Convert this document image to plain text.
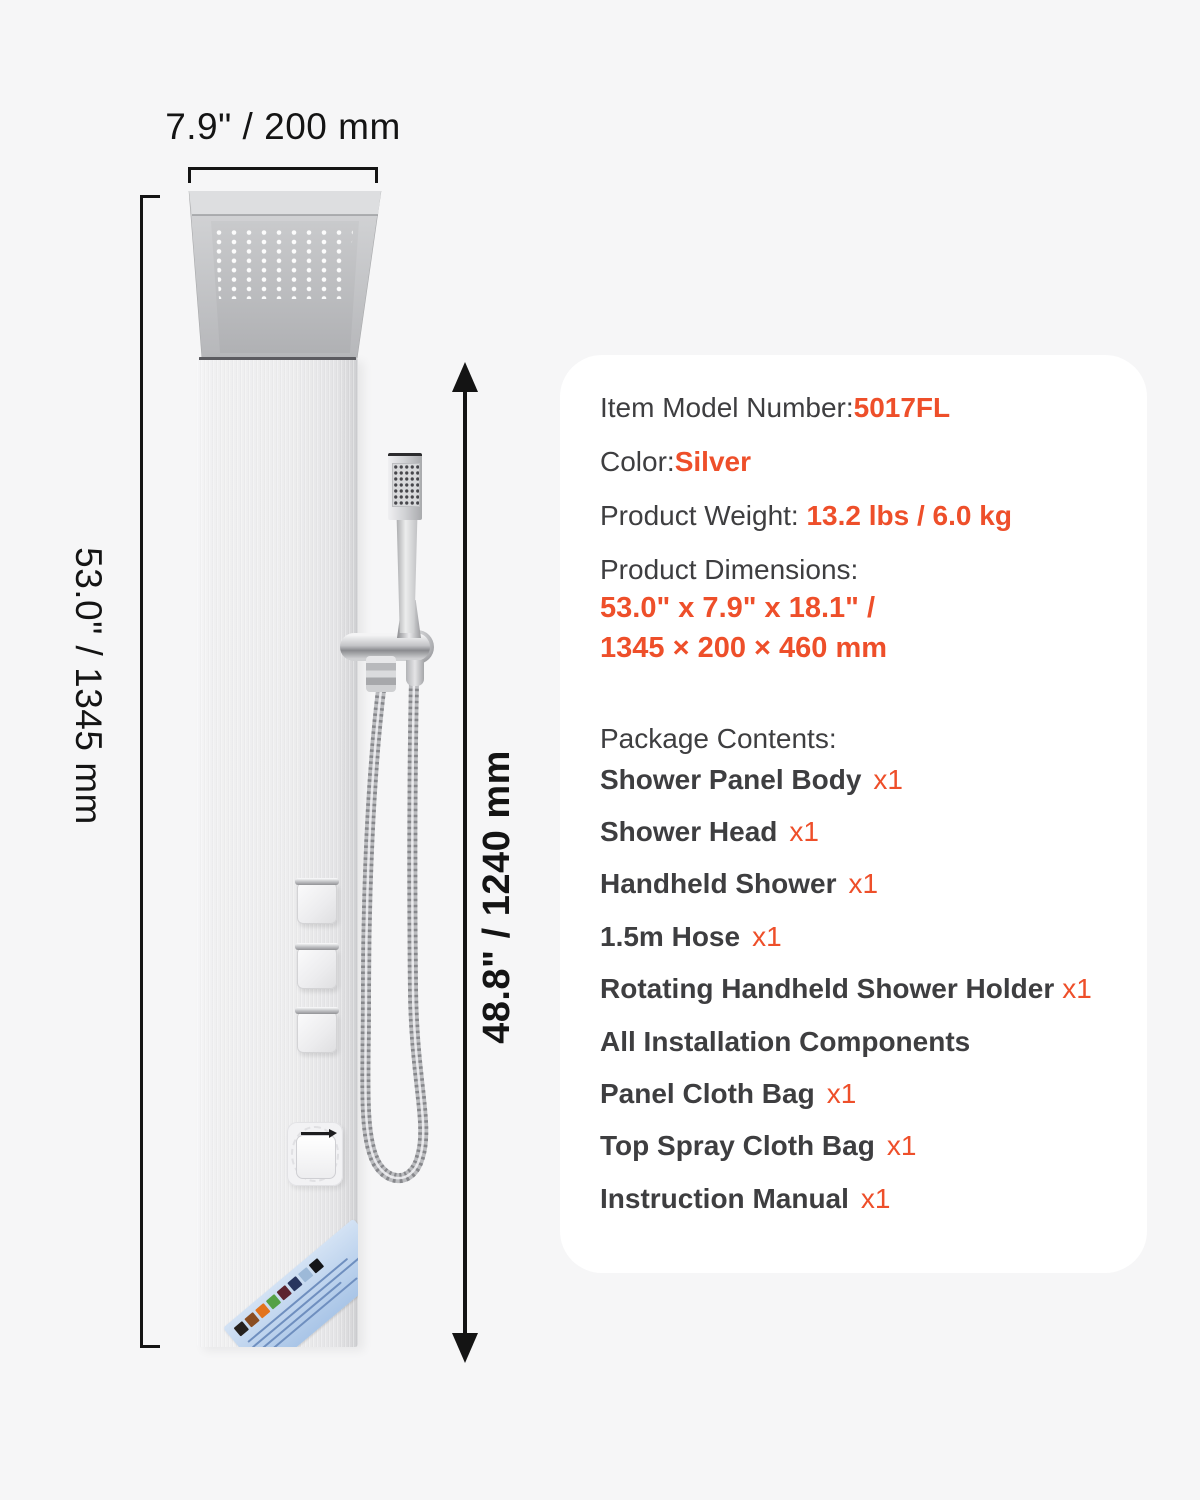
7.9" / 200 mm
53.0" / 1345 mm
48.8" / 1240 mm
Item Model Number:5017FL
Color:Silver
Product Weight: 13.2 lbs / 6.0 kg
Product Dimensions:
53.0" x 7.9" x 18.1" /
1345 × 200 × 460 mm
Package Contents:
Shower Panel Body x1
Shower Head x1
Handheld Shower x1
1.5m Hose x1
Rotating Handheld Shower Holder x1
All Installation Components
Panel Cloth Bag x1
Top Spray Cloth Bag x1
Instruction Manual x1
